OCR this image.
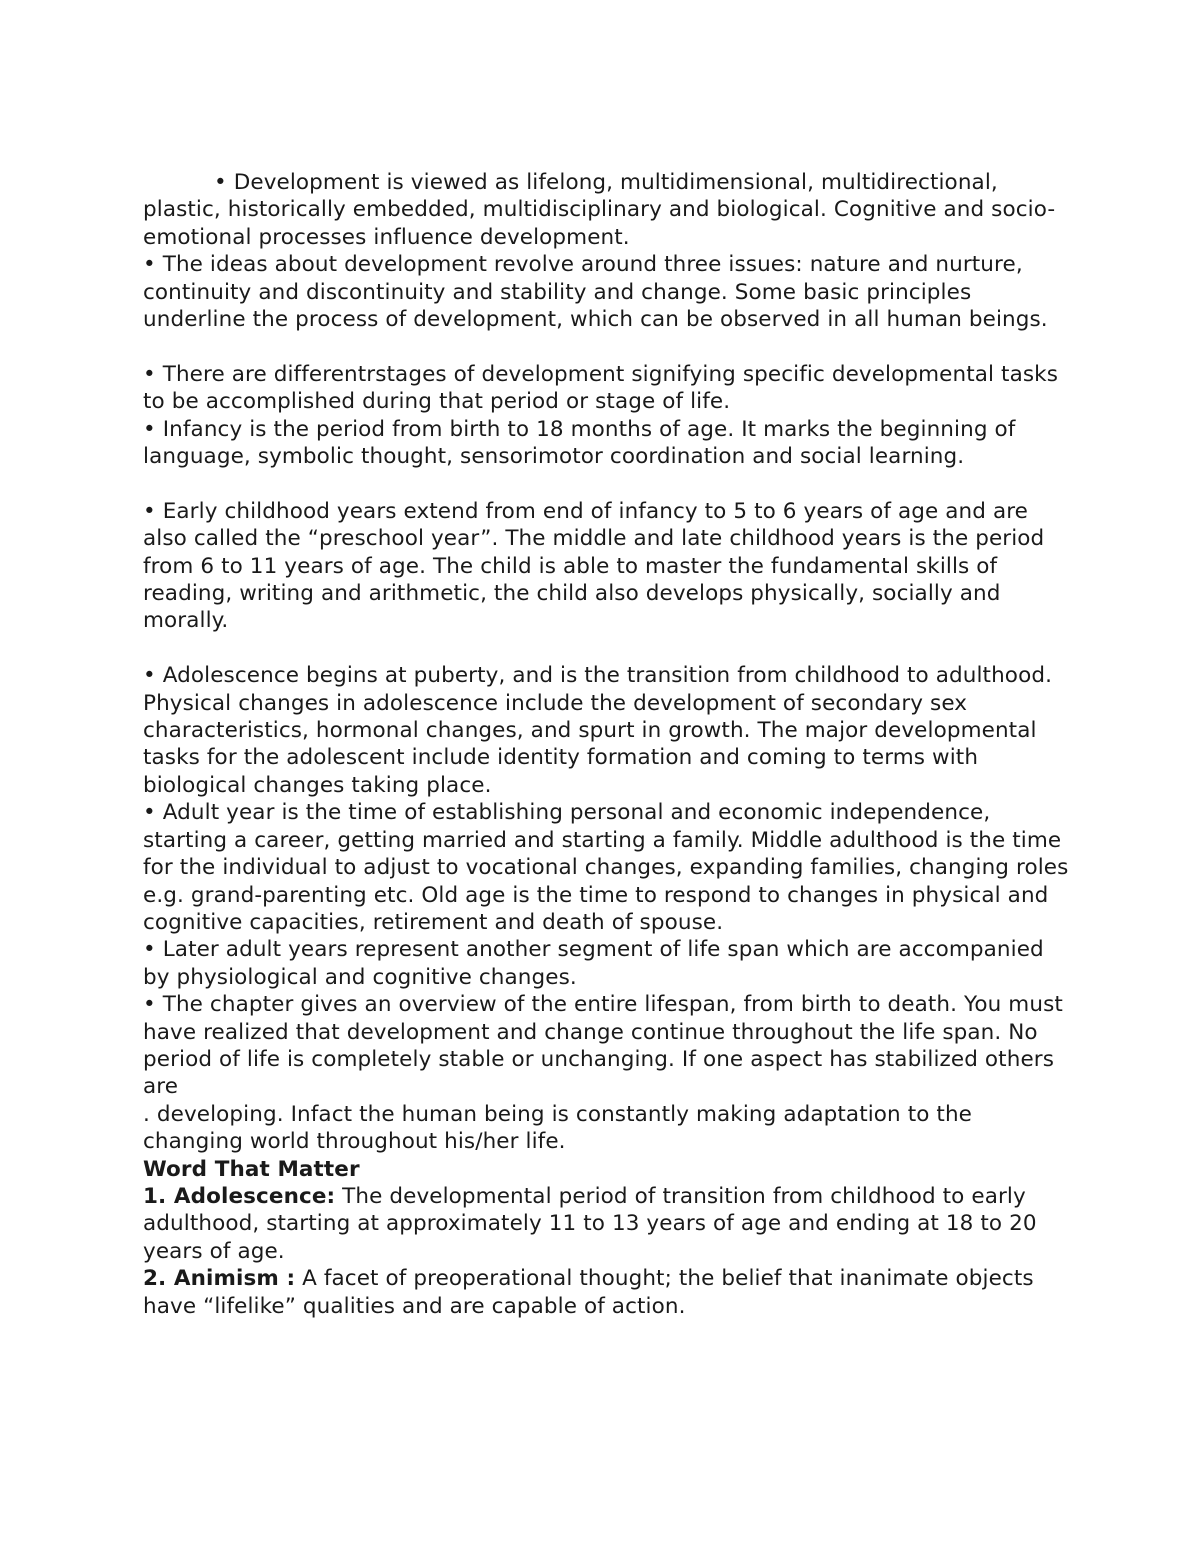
• Development is viewed as lifelong, multidimensional, multidirectional, plastic, historically embedded, multidisciplinary and biological. Cognitive and socio-emotional processes influence development.

• The ideas about development revolve around three issues: nature and nurture, continuity and discontinuity and stability and change. Some basic principles underline the process of development, which can be observed in all human beings.

• There are differentrstages of development signifying specific developmental tasks to be accomplished during that period or stage of life.

• Infancy is the period from birth to 18 months of age. It marks the beginning of language, symbolic thought, sensorimotor coordination and social learning.

• Early childhood years extend from end of infancy to 5 to 6 years of age and are also called the “preschool year”. The middle and late childhood years is the period from 6 to 11 years of age. The child is able to master the fundamental skills of reading, writing and arithmetic, the child also develops physically, socially and morally.

• Adolescence begins at puberty, and is the transition from childhood to adulthood. Physical changes in adolescence include the development of secondary sex characteristics, hormonal changes, and spurt in growth. The major developmental tasks for the adolescent include identity formation and coming to terms with biological changes taking place.

• Adult year is the time of establishing personal and economic independence, starting a career, getting married and starting a family. Middle adulthood is the time for the individual to adjust to vocational changes, expanding families, changing roles e.g. grand-parenting etc. Old age is the time to respond to changes in physical and cognitive capacities, retirement and death of spouse.

• Later adult years represent another segment of life span which are accompanied by physiological and cognitive changes.

• The chapter gives an overview of the entire lifespan, from birth to death. You must have realized that development and change continue throughout the life span. No period of life is completely stable or unchanging. If one aspect has stabilized others are

. developing. Infact the human being is constantly making adaptation to the changing world throughout his/her life.

Word That Matter

1. Adolescence: The developmental period of transition from childhood to early adulthood, starting at approximately 11 to 13 years of age and ending at 18 to 20 years of age.

2. Animism : A facet of preoperational thought; the belief that inanimate objects have “lifelike” qualities and are capable of action.
